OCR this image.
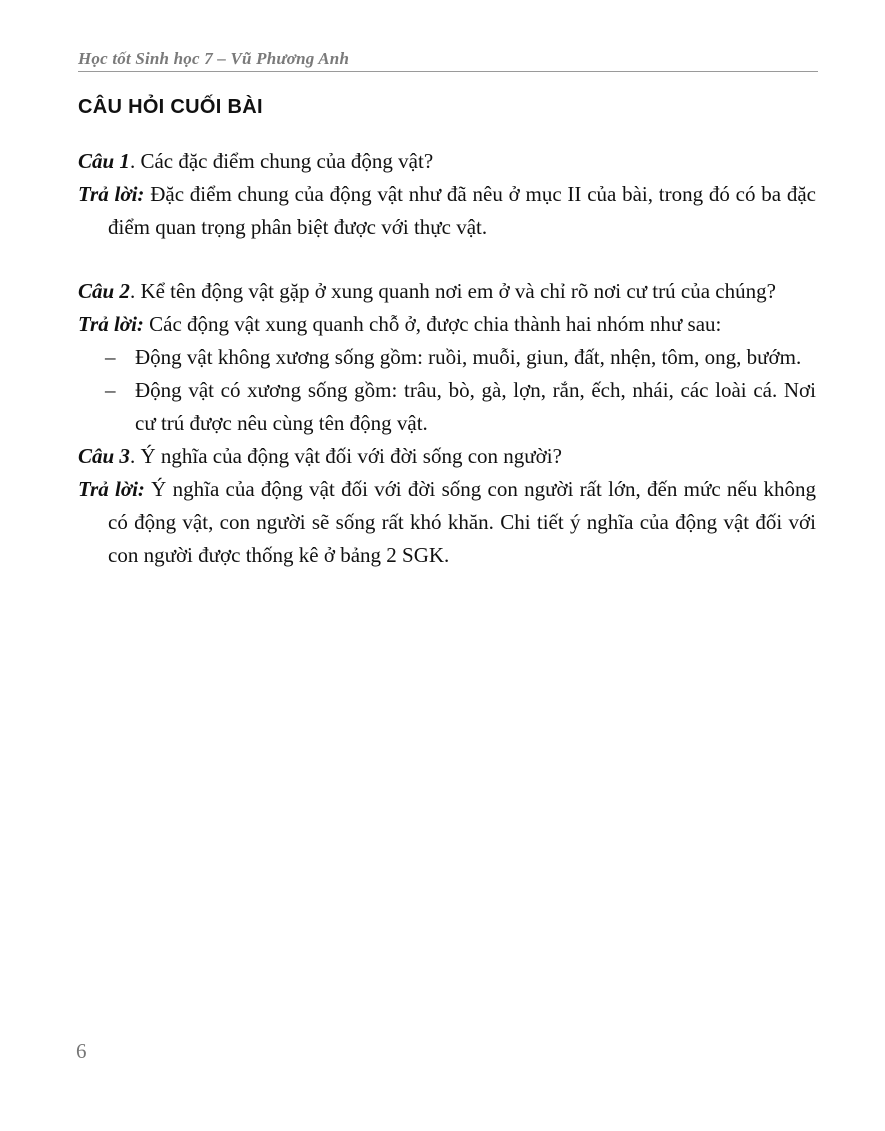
Học tốt Sinh học 7 – Vũ Phương Anh
CÂU HỎI CUỐI BÀI
Câu 1. Các đặc điểm chung của động vật?
Trả lời: Đặc điểm chung của động vật như đã nêu ở mục II của bài, trong đó có ba đặc điểm quan trọng phân biệt được với thực vật.
Câu 2. Kể tên động vật gặp ở xung quanh nơi em ở và chỉ rõ nơi cư trú của chúng?
Trả lời: Các động vật xung quanh chỗ ở, được chia thành hai nhóm như sau:
– Động vật không xương sống gồm: ruồi, muỗi, giun, đất, nhện, tôm, ong, bướm.
– Động vật có xương sống gồm: trâu, bò, gà, lợn, rắn, ếch, nhái, các loài cá. Nơi cư trú được nêu cùng tên động vật.
Câu 3. Ý nghĩa của động vật đối với đời sống con người?
Trả lời: Ý nghĩa của động vật đối với đời sống con người rất lớn, đến mức nếu không có động vật, con người sẽ sống rất khó khăn. Chi tiết ý nghĩa của động vật đối với con người được thống kê ở bảng 2 SGK.
6
